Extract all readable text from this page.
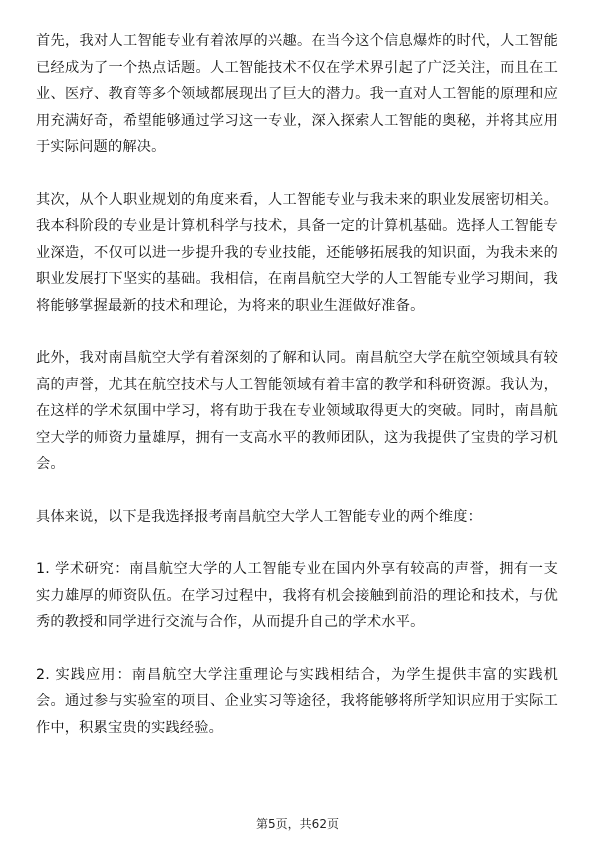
首先，我对人工智能专业有着浓厚的兴趣。在当今这个信息爆炸的时代，人工智能已经成为了一个热点话题。人工智能技术不仅在学术界引起了广泛关注，而且在工业、医疗、教育等多个领域都展现出了巨大的潜力。我一直对人工智能的原理和应用充满好奇，希望能够通过学习这一专业，深入探索人工智能的奥秘，并将其应用于实际问题的解决。

其次，从个人职业规划的角度来看，人工智能专业与我未来的职业发展密切相关。我本科阶段的专业是计算机科学与技术，具备一定的计算机基础。选择人工智能专业深造，不仅可以进一步提升我的专业技能，还能够拓展我的知识面，为我未来的职业发展打下坚实的基础。我相信，在南昌航空大学的人工智能专业学习期间，我将能够掌握最新的技术和理论，为将来的职业生涯做好准备。

此外，我对南昌航空大学有着深刻的了解和认同。南昌航空大学在航空领域具有较高的声誉，尤其在航空技术与人工智能领域有着丰富的教学和科研资源。我认为，在这样的学术氛围中学习，将有助于我在专业领域取得更大的突破。同时，南昌航空大学的师资力量雄厚，拥有一支高水平的教师团队，这为我提供了宝贵的学习机会。

具体来说，以下是我选择报考南昌航空大学人工智能专业的两个维度：

1. 学术研究：南昌航空大学的人工智能专业在国内外享有较高的声誉，拥有一支实力雄厚的师资队伍。在学习过程中，我将有机会接触到前沿的理论和技术，与优秀的教授和同学进行交流与合作，从而提升自己的学术水平。

2. 实践应用：南昌航空大学注重理论与实践相结合，为学生提供丰富的实践机会。通过参与实验室的项目、企业实习等途径，我将能够将所学知识应用于实际工作中，积累宝贵的实践经验。

第5页，共62页
